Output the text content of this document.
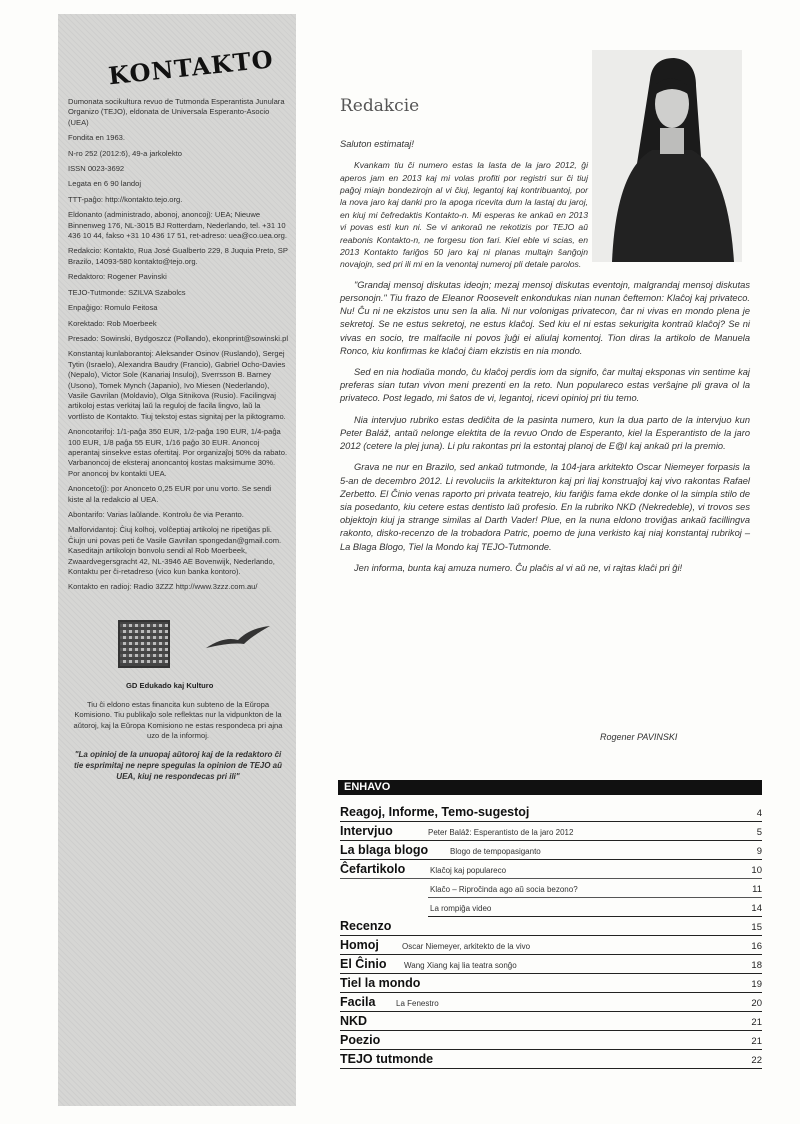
KONTAKTO

Dumonata socikultura revuo de Tutmonda Esperantista Junulara Organizo (TEJO), eldonata de Universala Esperanto-Asocio (UEA)

Fondita en 1963.

N-ro 252 (2012:6), 49-a jarkolekto

ISSN 0023-3692

Legata en 6 90 landoj

TTT-paĝo: http://kontakto.tejo.org.

Eldonanto (administrado, abonoj, anoncoj): UEA; Nieuwe Binnenweg 176, NL-3015 BJ Rotterdam, Nederlando, tel. +31 10 436 10 44, fakso +31 10 436 17 51, ret-adreso: uea@co.uea.org.

Redakcio: Kontakto, Rua José Gualberto 229, 8 Juquia Preto, SP Brazilo, 14093-580 kontakto@tejo.org.

Redaktoro: Rogener Pavinski

TEJO-Tutmonde: SZILVA Szabolcs

Enpaĝigo: Romulo Feitosa

Korektado: Rob Moerbeek

Presado: Sowinski, Bydgoszcz (Pollando), ekonprint@sowinski.pl

Konstantaj kunlaborantoj: Aleksander Osinov (Ruslando), Sergej Tytin (Israelo), Alexandra Baudry (Francio), Gabriel Ocho-Davies (Nepalo), Victor Sole (Kanariaj Insuloj), Sverrsson B. Barney (Usono), Tomek Mynch (Japanio), Ivo Miesen (Nederlando), Vasile Gavrilan (Moldavio), Olga Sitnikova (Rusio). Facilingvaj artikoloj estas verkitaj laŭ la reguloj de facila lingvo, laŭ la vortlisto de Kontakto. Tiuj tekstoj estas signitaj per la piktogramo.

Anoncotarifoj: 1/1-paĝa 350 EUR, 1/2-paĝa 190 EUR, 1/4-paĝa 100 EUR, 1/8 paĝa 55 EUR, 1/16 paĝo 30 EUR. Anoncoj aperantaj sinsekve estas ofertitaj. Por organizaĵoj 50% da rabato. Varbanoncoj de eksteraj anoncantoj kostas maksimume 30%. Por anoncoj bv kontakti UEA.

Anonceto(j): por Anonceto 0,25 EUR por unu vorto. Se sendi kiste al la redakcio al UEA.

Abontarifo: Varias laŭlande. Kontrolu ĉe via Peranto.

Malforvidantoj: Ĉiuj kolhoj, volĉeptiaj artikoloj ne ripetiĝas pli. Ĉiujn uni povas peti ĉe Vasile Gavrilan spongedan@gmail.com. Kaseditajn artikolojn bonvolu sendi al Rob Moerbeek, Zwaardvegersgracht 42, NL-3946 AE Bovenwijk, Nederlando, Kontaktu per ĉi-retadreso (vico kun banka kontoro).

Kontakto en radioj: Radio 3ZZZ http://www.3zzz.com.au/

GD Edukado kaj Kulturo

Tiu ĉi eldono estas financita kun subteno de la Eŭropa Komisiono. Tiu publikaĵo sole reflektas nur la vidpunkton de la aŭtoroj, kaj la Eŭropa Komisiono ne estas respondeca pri ajna uzo de la informoj.

"La opinioj de la unuopaj aŭtoroj kaj de la redaktoro ĉi tie esprimitaj ne nepre spegulas la opinion de TEJO aŭ UEA, kiuj ne respondecas pri ili"

Redakcie

Saluton estimataj!

Kvankam tiu ĉi numero estas la lasta de la jaro 2012, ĝi aperos jam en 2013 kaj mi volas profiti por registri sur ĉi tiuj paĝoj miajn bondezirojn al vi ĉiuj, legantoj kaj kontribuantoj, por la nova jaro kaj danki pro la apoga ricevita dum la lastaj du jaroj, en kiuj mi ĉefredaktis Kontakto-n. Mi esperas ke ankaŭ en 2013 vi povas esti kun ni. Se vi ankoraŭ ne rekotizis por TEJO aŭ reabonis Kontakto-n, ne forgesu tion fari. Kiel eble vi scias, en 2013 Kontakto fariĝos 50 jaro kaj ni planas multajn ŝanĝojn novajojn, sed pri ili mi en la venontaj numeroj pli detale parolos.

"Grandaj mensoj diskutas ideojn; mezaj mensoj diskutas eventojn, malgrandaj mensoj diskutas personojn." Tiu frazo de Eleanor Roosevelt enkondukas nian nunan ĉeftemon: Klaĉoj kaj privateco. Nu! Ĉu ni ne ekzistos unu sen la alia. Ni nur volonigas privatecon, ĉar ni vivas en mondo plena je sekretoj. Se ne estus sekretoj, ne estus klaĉoj. Sed kiu el ni estas sekurigita kontraŭ klaĉoj? Se ni vivas en socio, tre malfacile ni povos ĵuĝi ei aliulaj komentoj. Tion diras la artikolo de Manuela Ronco, kiu konfirmas ke klaĉoj ĉiam ekzistis en nia mondo.

Sed en nia hodiaŭa mondo, ĉu klaĉoj perdis iom da signifo, ĉar multaj eksponas vin sentime kaj preferas sian tutan vivon meni prezenti en la reto. Nun populareco estas verŝajne pli grava ol la privateco. Post legado, mi ŝatos de vi, legantoj, ricevi opinioj pri tiu temo.

Nia intervjuo rubriko estas dediĉita de la pasinta numero, kun la dua parto de la intervjuo kun Peter Baláž, antaŭ nelonge elektita de la revuo Ondo de Esperanto, kiel la Esperantisto de la jaro 2012 (cetere la plej juna). Li plu rakontas pri la estontaj planoj de E@I kaj ankaŭ pri la premio.

Grava ne nur en Brazilo, sed ankaŭ tutmonde, la 104-jara arkitekto Oscar Niemeyer forpasis la 5-an de decembro 2012. Li revoluciis la arkitekturon kaj pri liaj konstruaĵoj kaj vivo rakontas Rafael Zerbetto. El Ĉinio venas raporto pri privata teatrejo, kiu fariĝis fama ekde donke ol la simpla stilo de sia posedanto, kiu cetere estas dentisto laŭ profesio. En la rubriko NKD (Nekredeble), vi trovos ses objektojn kiuj ja strange similas al Darth Vader! Plue, en la nuna eldono troviĝas ankaŭ facillingva rakonto, disko-recenzo de la trobadora Patric, poemo de juna verkisto kaj niaj konstantaj rubrikoj – La Blaga Blogo, Tiel la Mondo kaj TEJO-Tutmonde.

Jen informa, bunta kaj amuza numero. Ĉu plaĉis al vi aŭ ne, vi rajtas klaĉi pri ĝi!

Rogener PAVINSKI
ENHAVO
Reagoj, Informe, Temo-sugestoj	4
Intervjuo	Peter Baláž: Esperantisto de la jaro 2012	5
La blaga blogo	Blogo de tempopasiganto	9
Ĉefartikolo	Klaĉoj kaj populareco	10
Klaĉo – Riproĉinda ago aŭ socia bezono?	11
La rompiĝa video	14
Recenzo	15
Homoj	Oscar Niemeyer, arkitekto de la vivo	16
El Ĉinio Wang Xiang kaj lia teatra sonĝo	18
Tiel la mondo	19
Facila	La Fenestro	20
NKD	21
Poezio	21
TEJO tutmonde	22
